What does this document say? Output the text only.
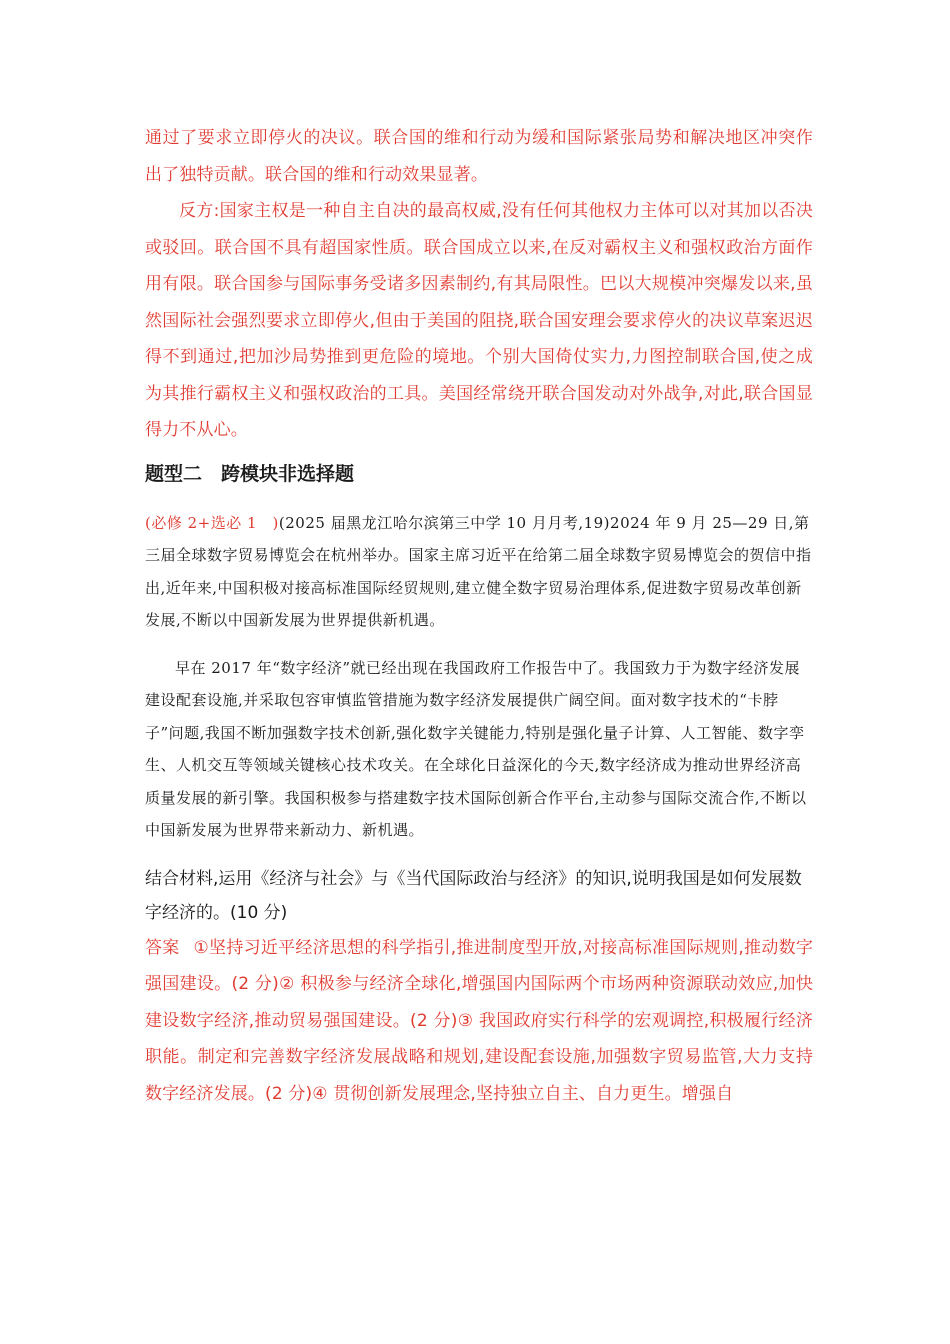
通过了要求立即停火的决议。联合国的维和行动为缓和国际紧张局势和解决地区冲突作出了独特贡献。联合国的维和行动效果显著。

反方:国家主权是一种自主自决的最高权威,没有任何其他权力主体可以对其加以否决或驳回。联合国不具有超国家性质。联合国成立以来,在反对霸权主义和强权政治方面作用有限。联合国参与国际事务受诸多因素制约,有其局限性。巴以大规模冲突爆发以来,虽然国际社会强烈要求立即停火,但由于美国的阻挠,联合国安理会要求停火的决议草案迟迟得不到通过,把加沙局势推到更危险的境地。个别大国倚仗实力,力图控制联合国,使之成为其推行霸权主义和强权政治的工具。美国经常绕开联合国发动对外战争,对此,联合国显得力不从心。

题型二　跨模块非选择题

(必修 2+选必 1　)(2025 届黑龙江哈尔滨第三中学 10 月月考,19)2024 年 9 月 25—29 日,第三届全球数字贸易博览会在杭州举办。国家主席习近平在给第二届全球数字贸易博览会的贺信中指出,近年来,中国积极对接高标准国际经贸规则,建立健全数字贸易治理体系,促进数字贸易改革创新发展,不断以中国新发展为世界提供新机遇。

早在 2017 年“数字经济”就已经出现在我国政府工作报告中了。我国致力于为数字经济发展建设配套设施,并采取包容审慎监管措施为数字经济发展提供广阔空间。面对数字技术的“卡脖子”问题,我国不断加强数字技术创新,强化数字关键能力,特别是强化量子计算、人工智能、数字孪生、人机交互等领域关键核心技术攻关。在全球化日益深化的今天,数字经济成为推动世界经济高质量发展的新引擎。我国积极参与搭建数字技术国际创新合作平台,主动参与国际交流合作,不断以中国新发展为世界带来新动力、新机遇。

结合材料,运用《经济与社会》与《当代国际政治与经济》的知识,说明我国是如何发展数字经济的。(10 分)

答案 ①坚持习近平经济思想的科学指引,推进制度型开放,对接高标准国际规则,推动数字强国建设。(2 分)② 积极参与经济全球化,增强国内国际两个市场两种资源联动效应,加快建设数字经济,推动贸易强国建设。(2 分)③ 我国政府实行科学的宏观调控,积极履行经济职能。制定和完善数字经济发展战略和规划,建设配套设施,加强数字贸易监管,大力支持数字经济发展。(2 分)④ 贯彻创新发展理念,坚持独立自主、自力更生。增强自
